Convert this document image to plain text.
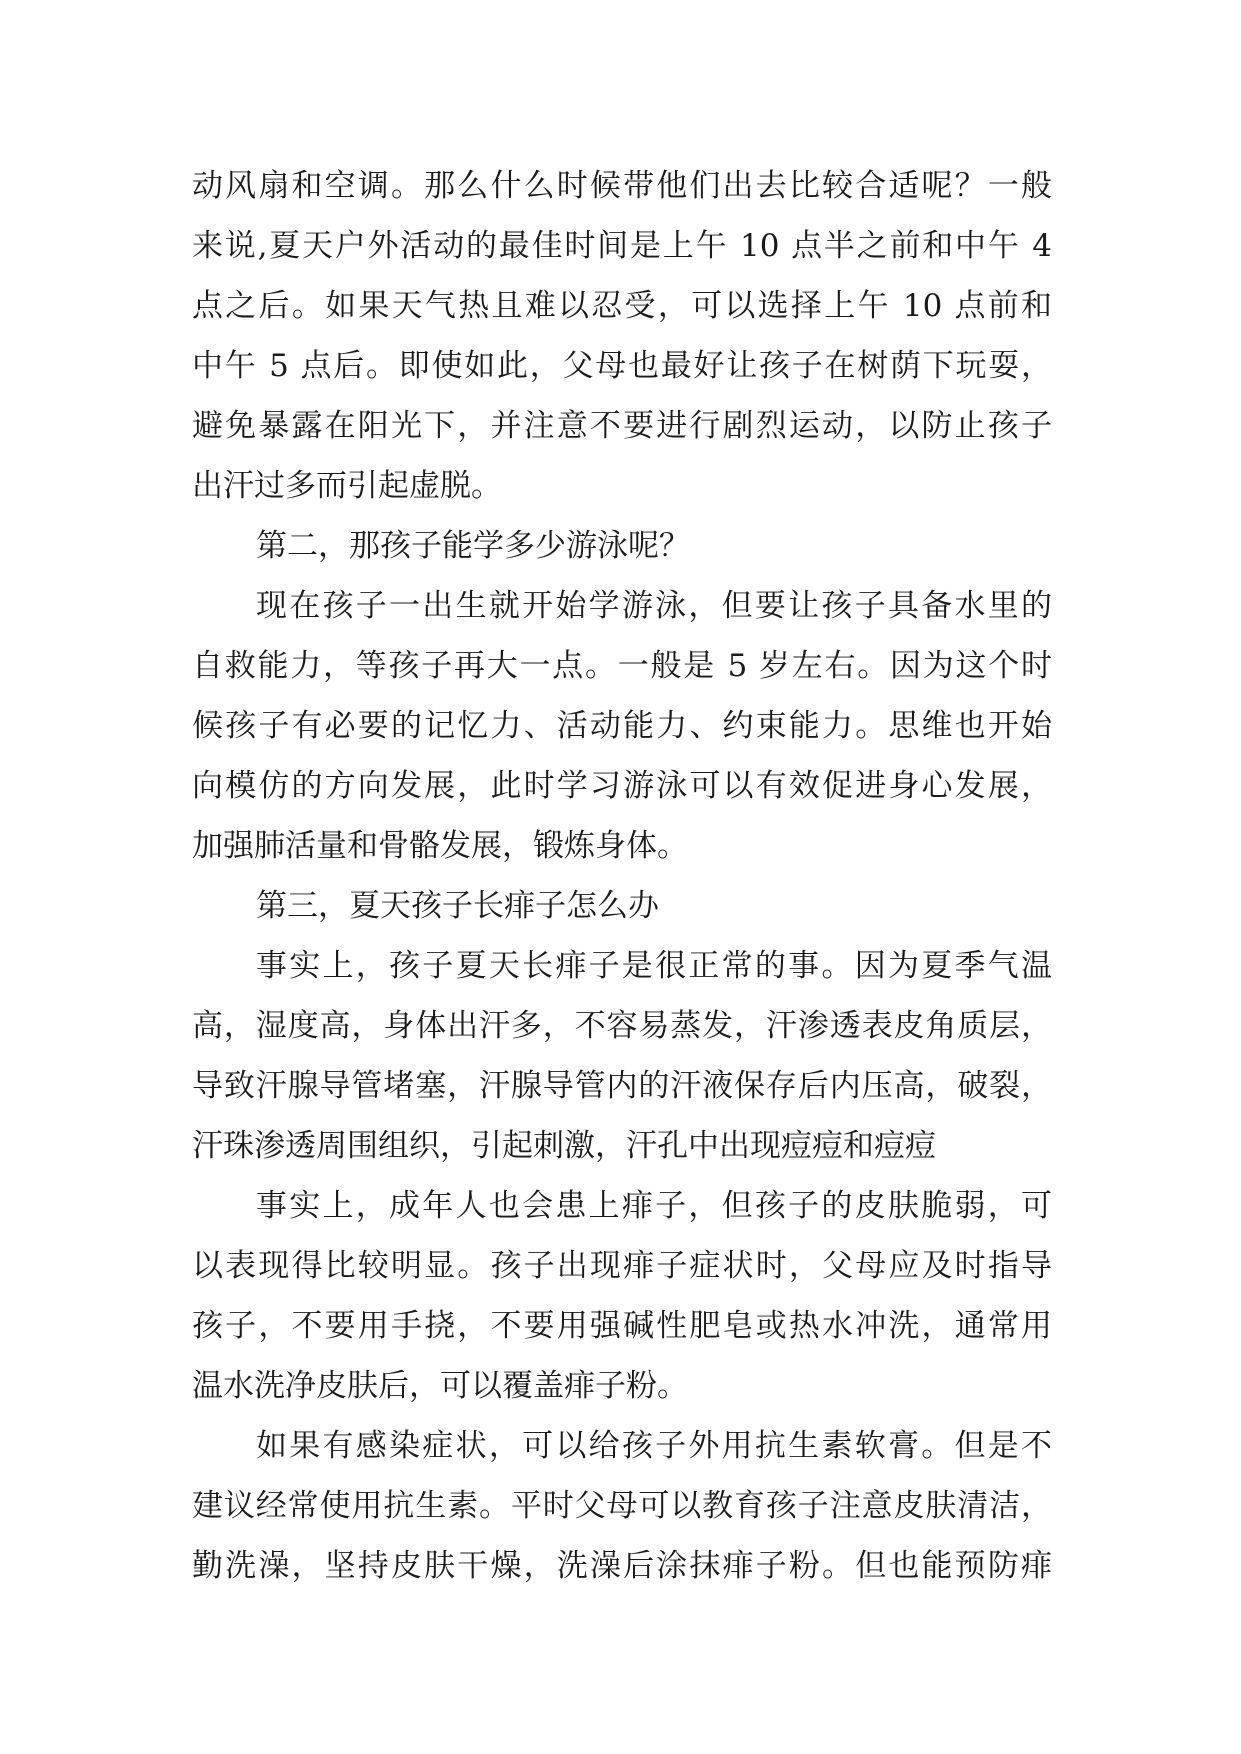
动风扇和空调。那么什么时候带他们出去比较合适呢？一般
来说,夏天户外活动的最佳时间是上午 10 点半之前和中午 4
点之后。如果天气热且难以忍受，可以选择上午 10 点前和
中午 5 点后。即使如此，父母也最好让孩子在树荫下玩耍，
避免暴露在阳光下，并注意不要进行剧烈运动，以防止孩子
出汗过多而引起虚脱。
第二，那孩子能学多少游泳呢？
现在孩子一出生就开始学游泳，但要让孩子具备水里的
自救能力，等孩子再大一点。一般是 5 岁左右。因为这个时
候孩子有必要的记忆力、活动能力、约束能力。思维也开始
向模仿的方向发展，此时学习游泳可以有效促进身心发展，
加强肺活量和骨骼发展，锻炼身体。
第三，夏天孩子长痱子怎么办
事实上，孩子夏天长痱子是很正常的事。因为夏季气温
高，湿度高，身体出汗多，不容易蒸发，汗渗透表皮角质层，
导致汗腺导管堵塞，汗腺导管内的汗液保存后内压高，破裂，
汗珠渗透周围组织，引起刺激，汗孔中出现痘痘和痘痘
事实上，成年人也会患上痱子，但孩子的皮肤脆弱，可
以表现得比较明显。孩子出现痱子症状时，父母应及时指导
孩子，不要用手挠，不要用强碱性肥皂或热水冲洗，通常用
温水洗净皮肤后，可以覆盖痱子粉。
如果有感染症状，可以给孩子外用抗生素软膏。但是不
建议经常使用抗生素。平时父母可以教育孩子注意皮肤清洁，
勤洗澡，坚持皮肤干燥，洗澡后涂抹痱子粉。但也能预防痱
